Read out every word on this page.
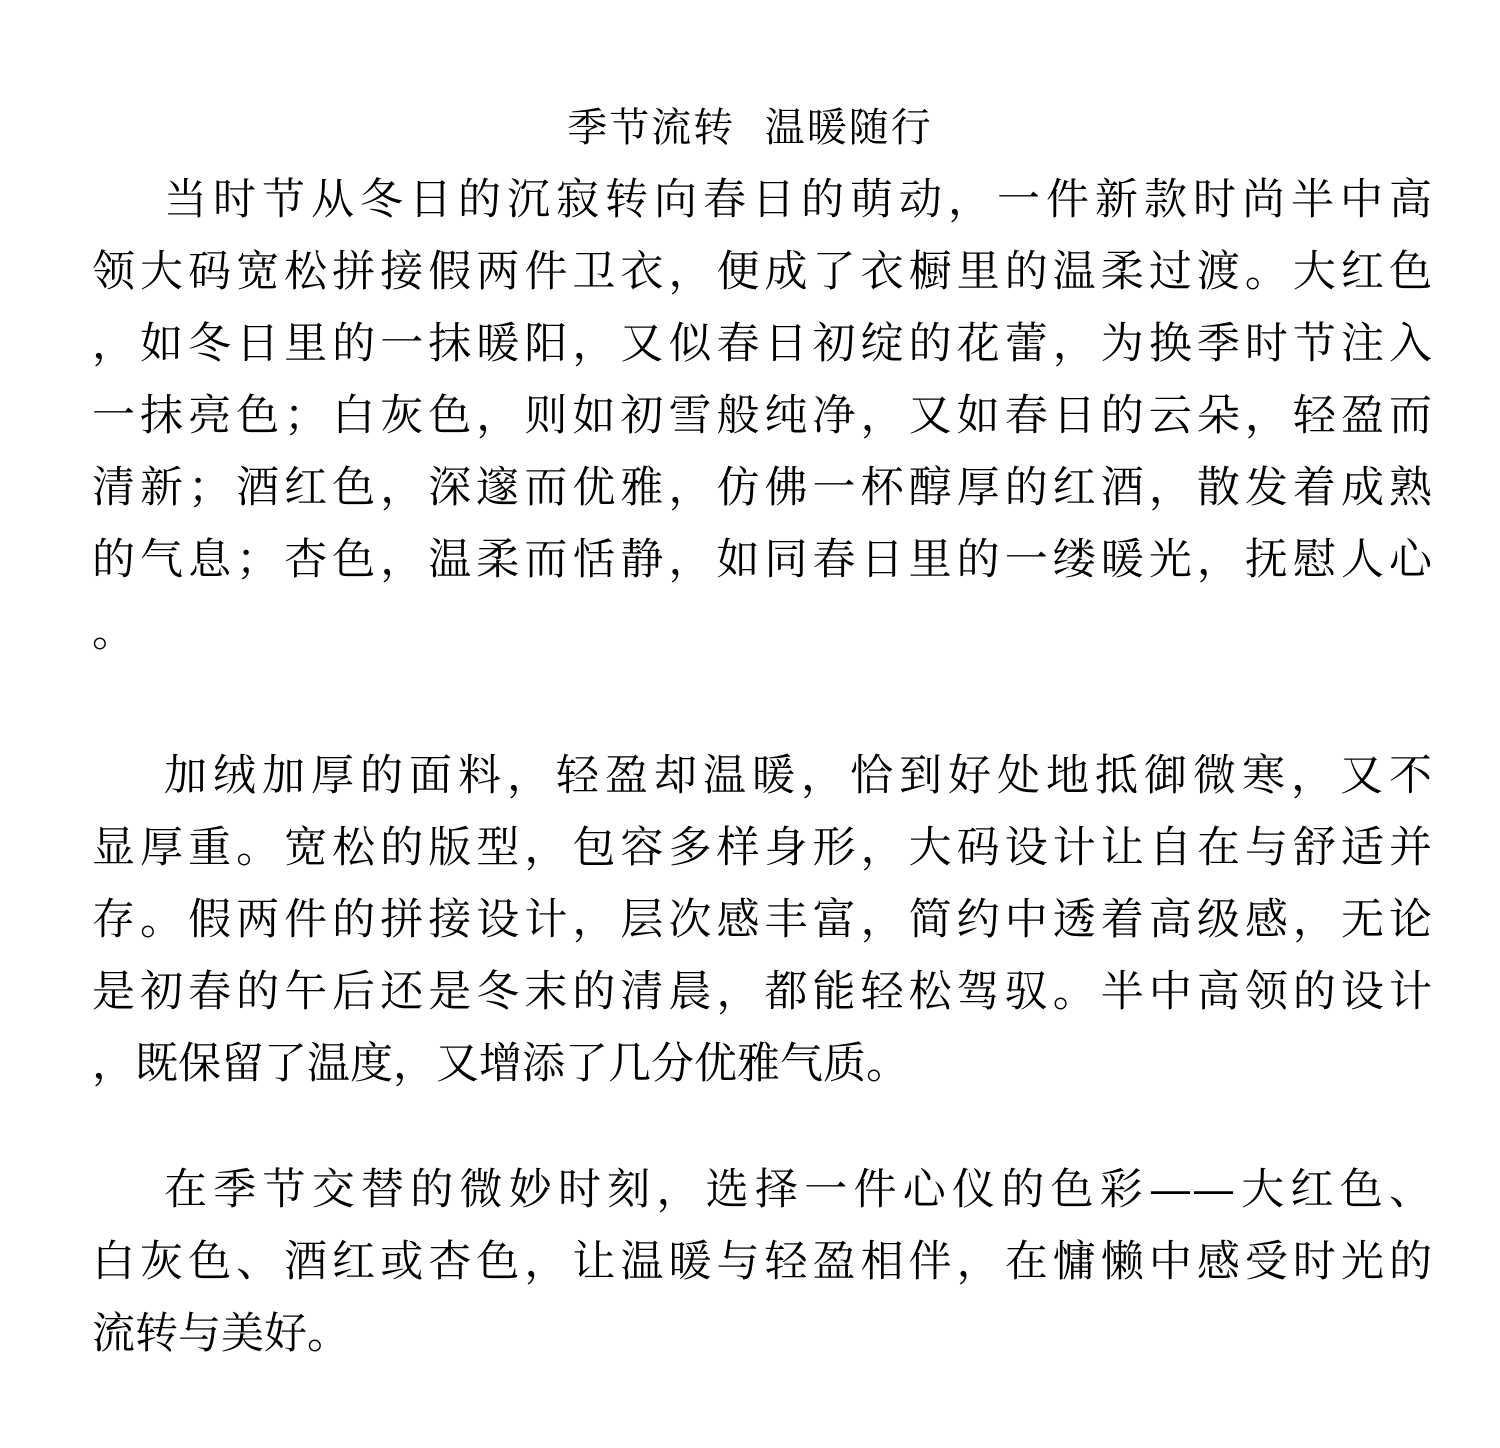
季节流转  温暖随行
当时节从冬日的沉寂转向春日的萌动，一件新款时尚半中高
领大码宽松拼接假两件卫衣，便成了衣橱里的温柔过渡。大红色
，如冬日里的一抹暖阳，又似春日初绽的花蕾，为换季时节注入
一抹亮色；白灰色，则如初雪般纯净，又如春日的云朵，轻盈而
清新；酒红色，深邃而优雅，仿佛一杯醇厚的红酒，散发着成熟
的气息；杏色，温柔而恬静，如同春日里的一缕暖光，抚慰人心
。
加绒加厚的面料，轻盈却温暖，恰到好处地抵御微寒，又不
显厚重。宽松的版型，包容多样身形，大码设计让自在与舒适并
存。假两件的拼接设计，层次感丰富，简约中透着高级感，无论
是初春的午后还是冬末的清晨，都能轻松驾驭。半中高领的设计
，既保留了温度，又增添了几分优雅气质。
在季节交替的微妙时刻，选择一件心仪的色彩——大红色、
白灰色、酒红或杏色，让温暖与轻盈相伴，在慵懒中感受时光的
流转与美好。
